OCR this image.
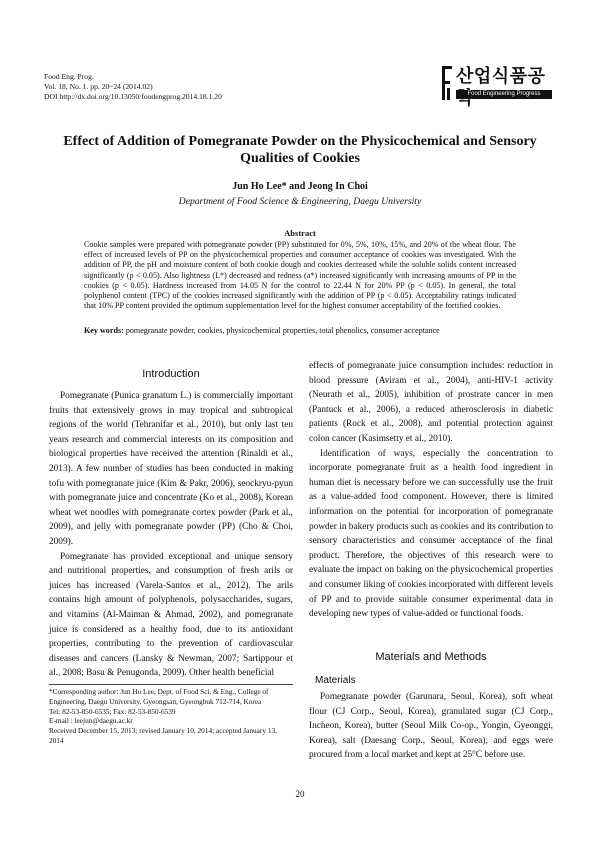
Food Eng. Prog.
Vol. 18, No. 1. pp. 20~24 (2014.02)
DOI http://dx.doi.org/10.13050/foodengprog.2014.18.1.20
산업식품공
Food Engineering Progress
Effect of Addition of Pomegranate Powder on the Physicochemical and Sensory Qualities of Cookies
Jun Ho Lee* and Jeong In Choi
Department of Food Science & Engineering, Daegu University
Abstract
Cookie samples were prepared with pomegranate powder (PP) substituted for 0%, 5%, 10%, 15%, and 20% of the wheat flour. The effect of increased levels of PP on the physicochemical properties and consumer acceptance of cookies was investigated. With the addition of PP, the pH and moisture content of both cookie dough and cookies decreased while the soluble solids content increased significantly (p < 0.05). Also lightness (L*) decreased and redness (a*) increased significantly with increasing amounts of PP in the cookies (p < 0.05). Hardness increased from 14.05 N for the control to 22.44 N for 20% PP (p < 0.05). In general, the total polyphenol content (TPC) of the cookies increased significantly with the addition of PP (p < 0.05). Acceptability ratings indicated that 10% PP content provided the optimum supplementation level for the highest consumer acceptability of the fortified cookies.
Key words: pomegranate powder, cookies, physicochemical properties, total phenolics, consumer acceptance
Introduction

Pomegranate (Punica granatum L.) is commercially important fruits that extensively grows in may tropical and subtropical regions of the world (Tehranifar et al., 2010), but only last ten years research and commercial interests on its composition and biological properties have received the attention (Rinaldi et al., 2013). A few number of studies has been conducted in making tofu with pomegranate juice (Kim & Pakr, 2006), seockryu-pyun with pomegranate juice and concentrate (Ko et al., 2008), Korean wheat wet noodles with pomegranate cortex powder (Park et al., 2009), and jelly with pomegranate powder (PP) (Cho & Choi, 2009).

Pomegranate has provided exceptional and unique sensory and nutritional properties, and consumption of fresh arils or juices has increased (Varela-Santos et al., 2012). The arils contains high amount of polyphenols, polysaccharides, sugars, and vitamins (Al-Maiman & Ahmad, 2002), and pomegranate juice is considered as a healthy food, due to its antioxidant properties, contributing to the prevention of cardiovascular diseases and cancers (Lansky & Newman, 2007; Sartippour et al., 2008; Basu & Penugonda, 2009). Other health beneficial

effects of pomegranate juice consumption includes: reduction in blood pressure (Aviram et al., 2004), anti-HIV-1 activity (Neurath et al., 2005), inhibition of prostrate cancer in men (Pantuck et al., 2006), a reduced atherosclerosis in diabetic patients (Rock et al., 2008), and potential protection against colon cancer (Kasimsetty et al., 2010).

Identification of ways, especially the concentration to incorporate pomegranate fruit as a health food ingredient in human diet is necessary before we can successfully use the fruit as a value-added food component. However, there is limited information on the potential for incorporation of pomegranate powder in bakery products such as cookies and its contribution to sensory characteristics and consumer acceptance of the final product. Therefore, the objectives of this research were to evaluate the impact on baking on the physicochemical properties and consumer liking of cookies incorporated with different levels of PP and to provide suitable consumer experimental data in developing new types of value-added or functional foods.

Materials and Methods
Materials

Pomegranate powder (Garunara, Seoul, Korea), soft wheat flour (CJ Corp., Seoul, Korea), granulated sugar (CJ Corp., Incheon, Korea), butter (Seoul Milk Co-op., Yongin, Gyeonggi, Korea), salt (Daesang Corp., Seoul, Korea), and eggs were procured from a local market and kept at 25°C before use.

*Corresponding author: Jun Ho Lee, Dept. of Food Sci. & Eng., College of Engineering, Daegu University, Gyeongsan, Gyeongbuk 712-714, Korea
Tel: 82-53-850-6535; Fax: 82-53-850-6539
E-mail : leejun@daegu.ac.kr
Received December 15, 2013; revised January 10, 2014; accepted January 13, 2014
20
